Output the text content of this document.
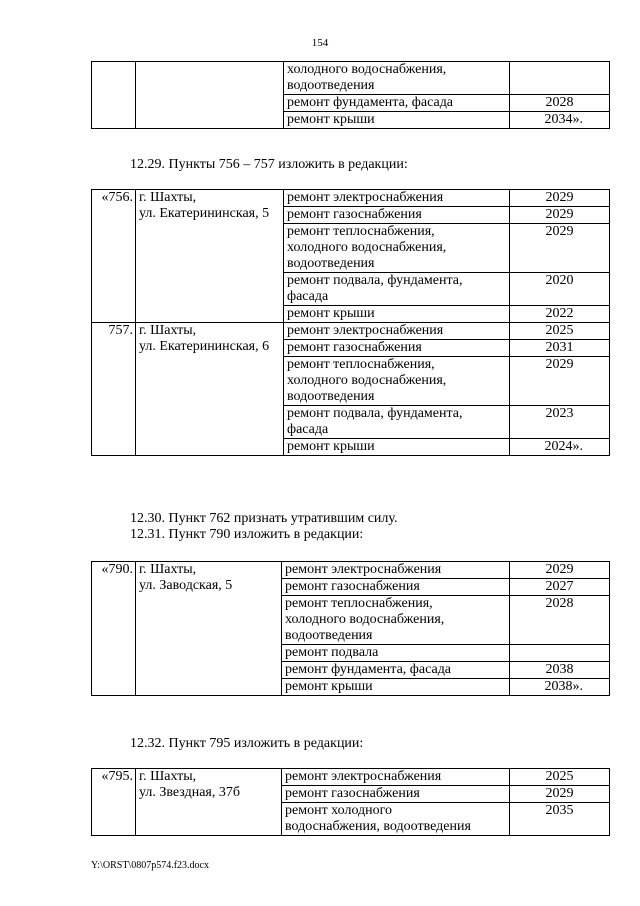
154
		холодного водоснабжения, водоотведения	
		ремонт фундамента, фасада	2028
		ремонт крыши	2034».
12.29. Пункты 756 – 757 изложить в редакции:
«756.	г. Шахты,
ул. Екатерининская, 5	ремонт электроснабжения	2029
		ремонт газоснабжения	2029
		ремонт теплоснабжения,
холодного водоснабжения,
водоотведения	2029
		ремонт подвала, фундамента,
фасада	2020
		ремонт крыши	2022
757.	г. Шахты,
ул. Екатерининская, 6	ремонт электроснабжения	2025
		ремонт газоснабжения	2031
		ремонт теплоснабжения,
холодного водоснабжения,
водоотведения	2029
		ремонт подвала, фундамента,
фасада	2023
		ремонт крыши	2024».
12.30. Пункт 762 признать утратившим силу.
12.31. Пункт 790 изложить в редакции:
«790.	г. Шахты,
ул. Заводская, 5	ремонт электроснабжения	2029
		ремонт газоснабжения	2027
		ремонт теплоснабжения,
холодного водоснабжения,
водоотведения	2028
		ремонт подвала	
		ремонт фундамента, фасада	2038
		ремонт крыши	2038».
12.32. Пункт 795 изложить в редакции:
«795.	г. Шахты,
ул. Звездная, 37б	ремонт электроснабжения	2025
		ремонт газоснабжения	2029
		ремонт холодного
водоснабжения, водоотведения	2035
Y:\ORST\0807p574.f23.docx
